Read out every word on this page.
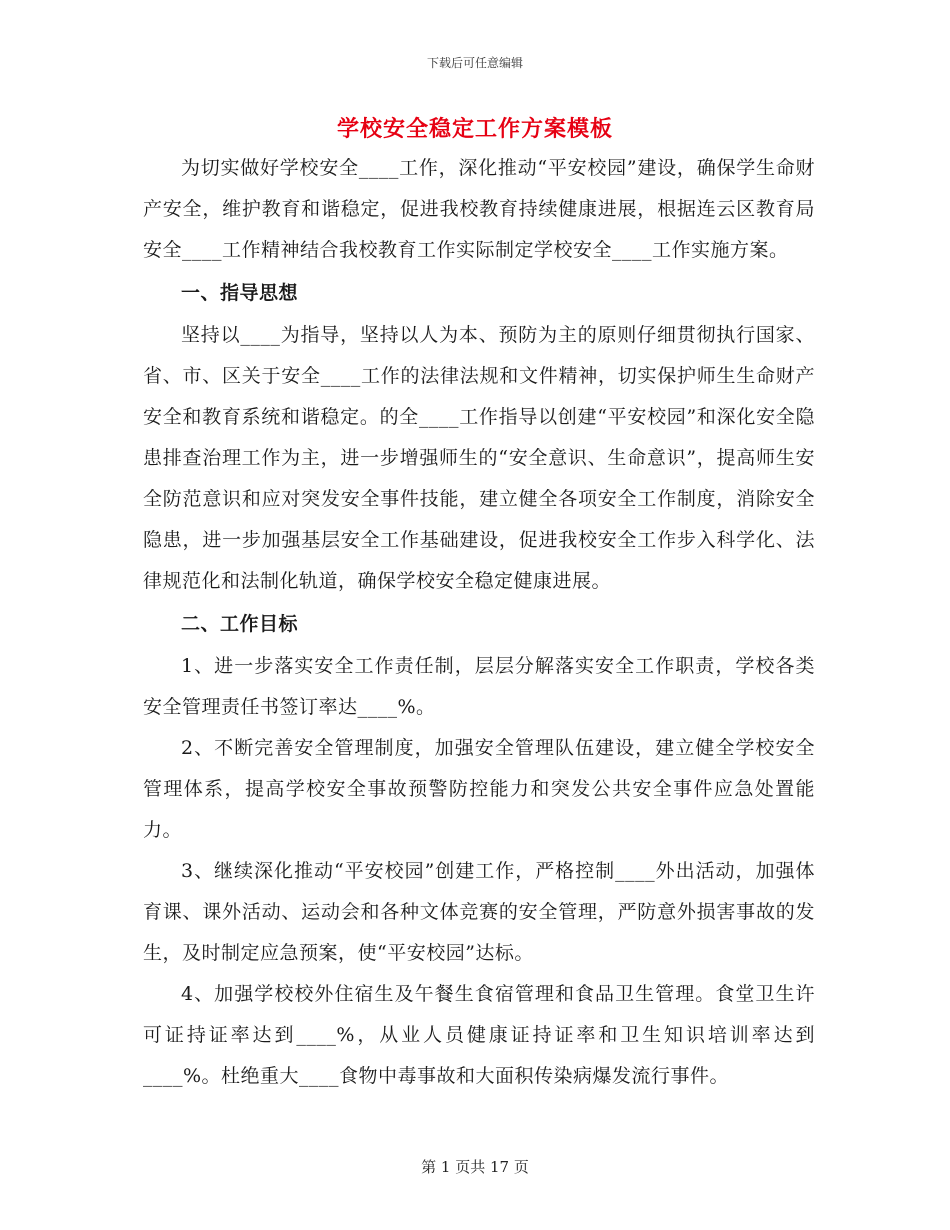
下载后可任意编辑
学校安全稳定工作方案模板

为切实做好学校安全____工作，深化推动“平安校园”建设，确保学生命财产安全，维护教育和谐稳定，促进我校教育持续健康进展，根据连云区教育局安全____工作精神结合我校教育工作实际制定学校安全____工作实施方案。

一、指导思想

坚持以____为指导，坚持以人为本、预防为主的原则仔细贯彻执行国家、省、市、区关于安全____工作的法律法规和文件精神，切实保护师生生命财产安全和教育系统和谐稳定。的全____工作指导以创建“平安校园”和深化安全隐患排查治理工作为主，进一步增强师生的“安全意识、生命意识”，提高师生安全防范意识和应对突发安全事件技能，建立健全各项安全工作制度，消除安全隐患，进一步加强基层安全工作基础建设，促进我校安全工作步入科学化、法律规范化和法制化轨道，确保学校安全稳定健康进展。

二、工作目标

1、进一步落实安全工作责任制，层层分解落实安全工作职责，学校各类安全管理责任书签订率达____%。

2、不断完善安全管理制度，加强安全管理队伍建设，建立健全学校安全管理体系，提高学校安全事故预警防控能力和突发公共安全事件应急处置能力。

3、继续深化推动“平安校园”创建工作，严格控制____外出活动，加强体育课、课外活动、运动会和各种文体竞赛的安全管理，严防意外损害事故的发生，及时制定应急预案，使“平安校园”达标。

4、加强学校校外住宿生及午餐生食宿管理和食品卫生管理。食堂卫生许可证持证率达到____%，从业人员健康证持证率和卫生知识培训率达到____%。杜绝重大____食物中毒事故和大面积传染病爆发流行事件。

第 1 页共 17 页
